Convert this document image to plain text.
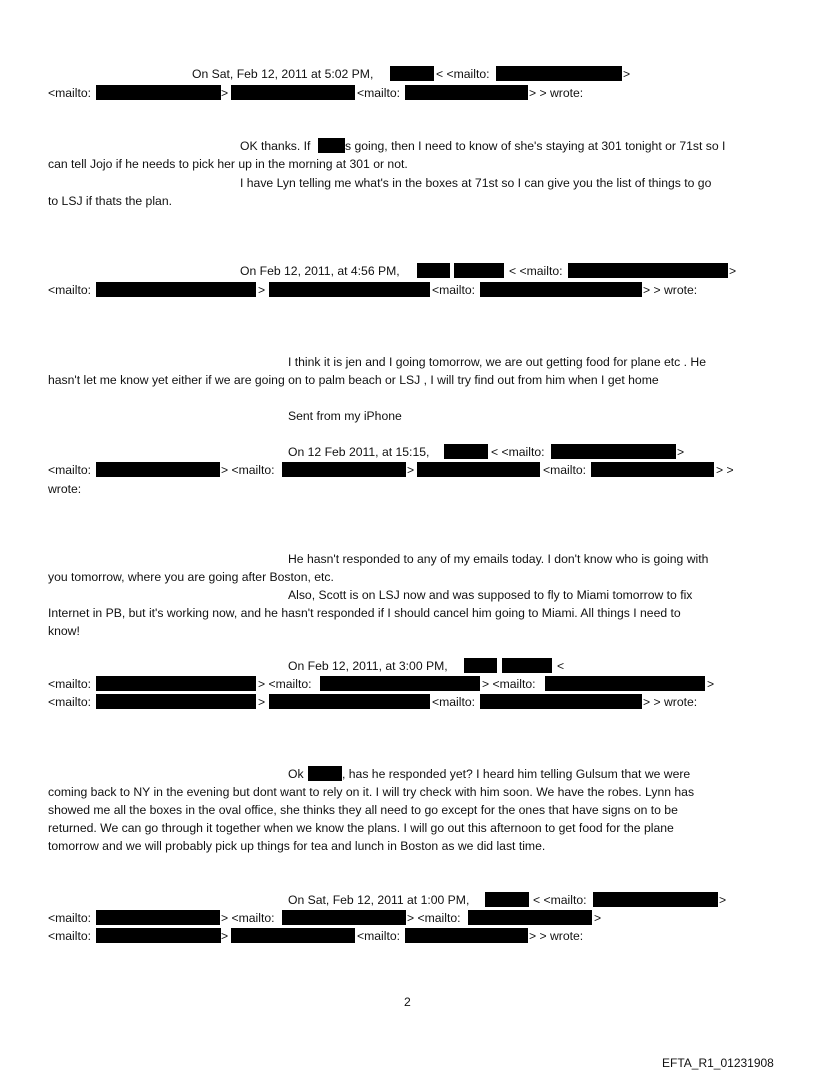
On Sat, Feb 12, 2011 at 5:02 PM,	< <mailto:	>
<mailto:	>	<mailto:	> > wrote:
OK thanks. If	s going, then I need to know of she's staying at 301 tonight or 71st so I
can tell Jojo if he needs to pick her up in the morning at 301 or not.
I have Lyn telling me what's in the boxes at 71st so I can give you the list of things to go
to LSJ if thats the plan.
On Feb 12, 2011, at 4:56 PM,	< <mailto:	>
<mailto:	>	<mailto:	> > wrote:
I think it is jen and I going tomorrow, we are out getting food for plane etc . He
hasn't let me know yet either if we are going on to palm beach or LSJ , I will try find out from him when I get home
Sent from my iPhone
On 12 Feb 2011, at 15:15,	< <mailto:	>
<mailto:	> <mailto:	>	<mailto:	> >
wrote:
He hasn't responded to any of my emails today. I don't know who is going with
you tomorrow, where you are going after Boston, etc.
Also, Scott is on LSJ now and was supposed to fly to Miami tomorrow to fix
Internet in PB, but it's working now, and he hasn't responded if I should cancel him going to Miami. All things I need to
know!
On Feb 12, 2011, at 3:00 PM,	<
<mailto:	> <mailto:	> <mailto:	>
<mailto:	>	<mailto:	> > wrote:
Ok	, has he responded yet? I heard him telling Gulsum that we were
coming back to NY in the evening but dont want to rely on it. I will try check with him soon. We have the robes. Lynn has
showed me all the boxes in the oval office, she thinks they all need to go except for the ones that have signs on to be
returned. We can go through it together when we know the plans. I will go out this afternoon to get food for the plane
tomorrow and we will probably pick up things for tea and lunch in Boston as we did last time.
On Sat, Feb 12, 2011 at 1:00 PM,	< <mailto:	>
<mailto:	> <mailto:	> <mailto:	>
<mailto:	>	<mailto:	> > wrote:
2
EFTA_R1_01231908
